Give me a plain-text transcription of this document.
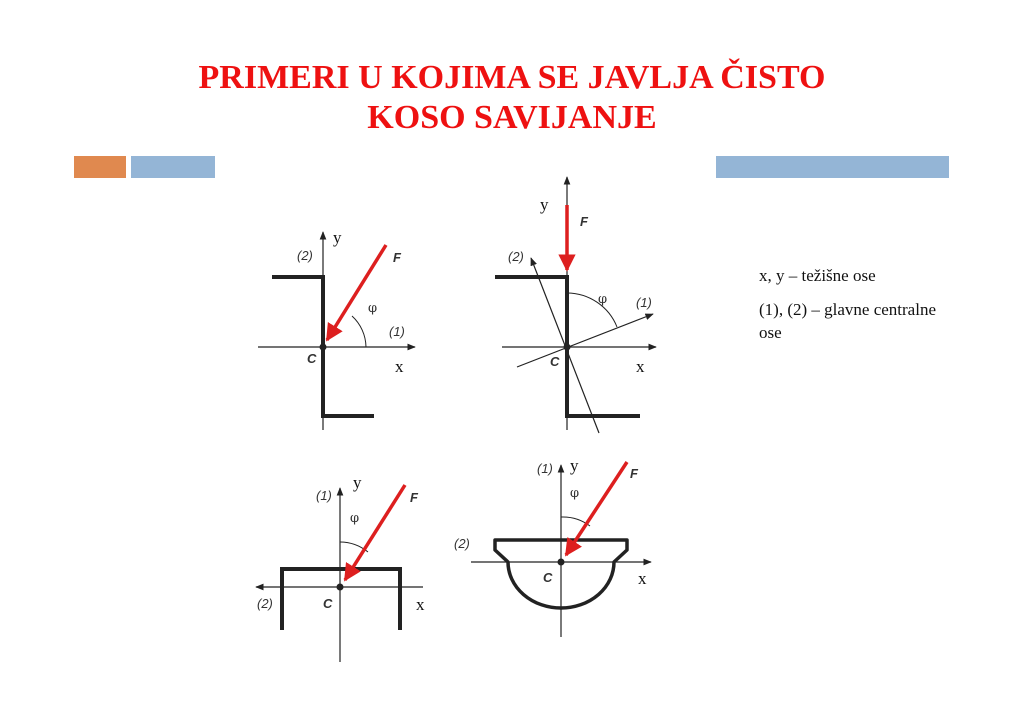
PRIMERI U KOJIMA SE JAVLJA ČISTO
KOSO SAVIJANJE
(2)
y
F
φ
(1)
C	x
y
F
(2)
φ (1)
C	x
(1)
y
F
φ
(2)	C	x
(1) y	F
φ
(2)
C	x

x, y – težišne ose

(1), (2) – glavne centralne ose
